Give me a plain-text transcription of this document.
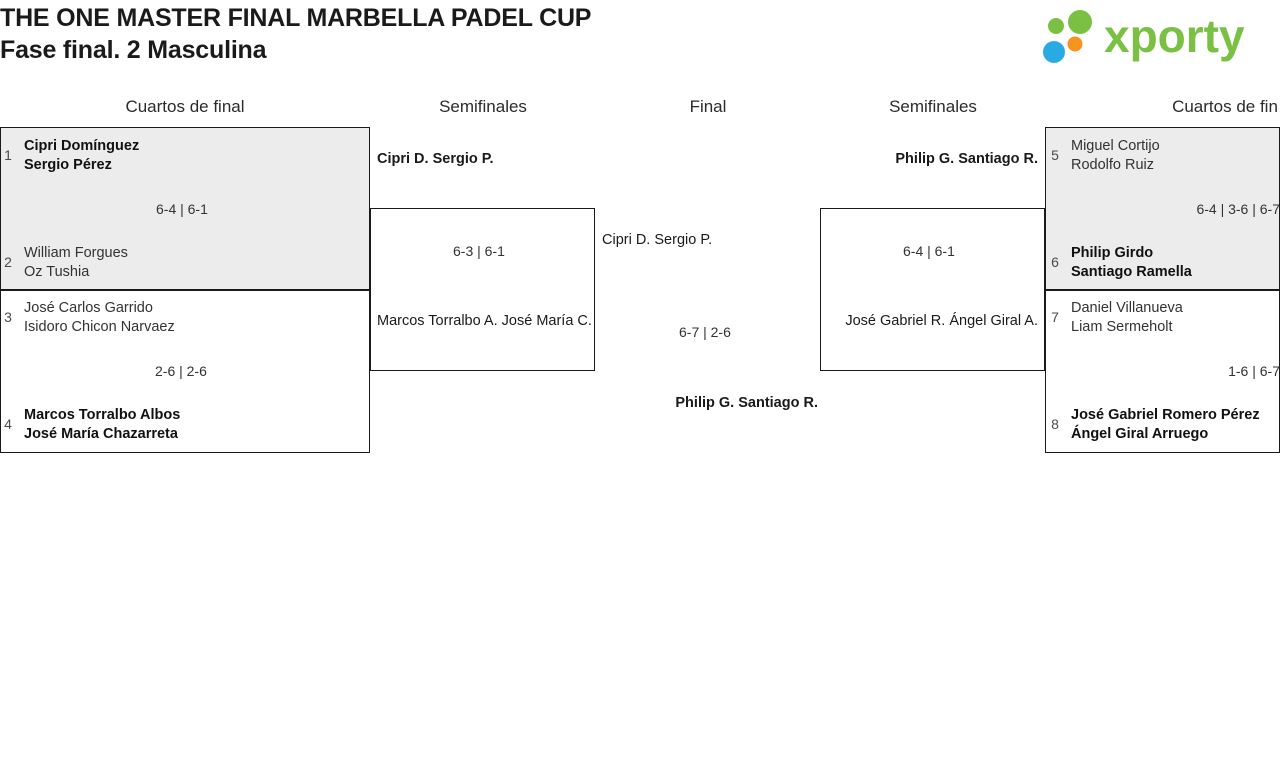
THE ONE MASTER FINAL MARBELLA PADEL CUP
Fase final. 2 Masculina	xporty
Cuartos de final	Semifinales	Final	Semifinales	Cuartos de fin
1
Cipri Domínguez
Sergio Pérez
6-4 | 6-1
2
William Forgues
Oz Tushia
3
José Carlos Garrido
Isidoro Chicon Narvaez
2-6 | 2-6
4
Marcos Torralbo Albos
José María Chazarreta
Cipri D. Sergio P.
6-3 | 6-1
Marcos Torralbo A. José María C.
Cipri D. Sergio P.
6-7 | 2-6
Philip G. Santiago R.
Philip G. Santiago R.
6-4 | 6-1
José Gabriel R. Ángel Giral A.
5
Miguel Cortijo
Rodolfo Ruiz
6-4 | 3-6 | 6-7
6
Philip Girdo
Santiago Ramella
7
Daniel Villanueva
Liam Sermeholt
1-6 | 6-7
8
José Gabriel Romero Pérez
Ángel Giral Arruego
